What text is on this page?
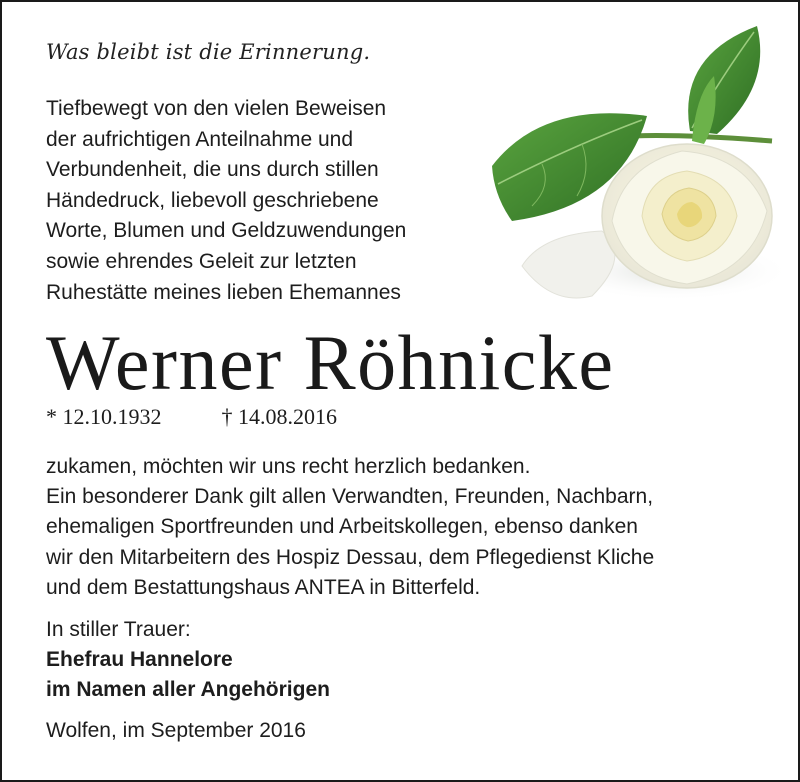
Was bleibt ist die Erinnerung.
Tiefbewegt von den vielen Beweisen
der aufrichtigen Anteilnahme und
Verbundenheit, die uns durch stillen
Händedruck, liebevoll geschriebene
Worte, Blumen und Geldzuwendungen
sowie ehrendes Geleit zur letzten
Ruhestätte meines lieben Ehemannes
Werner Röhnicke
* 12.10.1932	† 14.08.2016
zukamen, möchten wir uns recht herzlich bedanken.
Ein besonderer Dank gilt allen Verwandten, Freunden, Nachbarn,
ehemaligen Sportfreunden und Arbeitskollegen, ebenso danken
wir den Mitarbeitern des Hospiz Dessau, dem Pflegedienst Kliche
und dem Bestattungshaus ANTEA in Bitterfeld.
In stiller Trauer:
Ehefrau Hannelore
im Namen aller Angehörigen
Wolfen, im September 2016
